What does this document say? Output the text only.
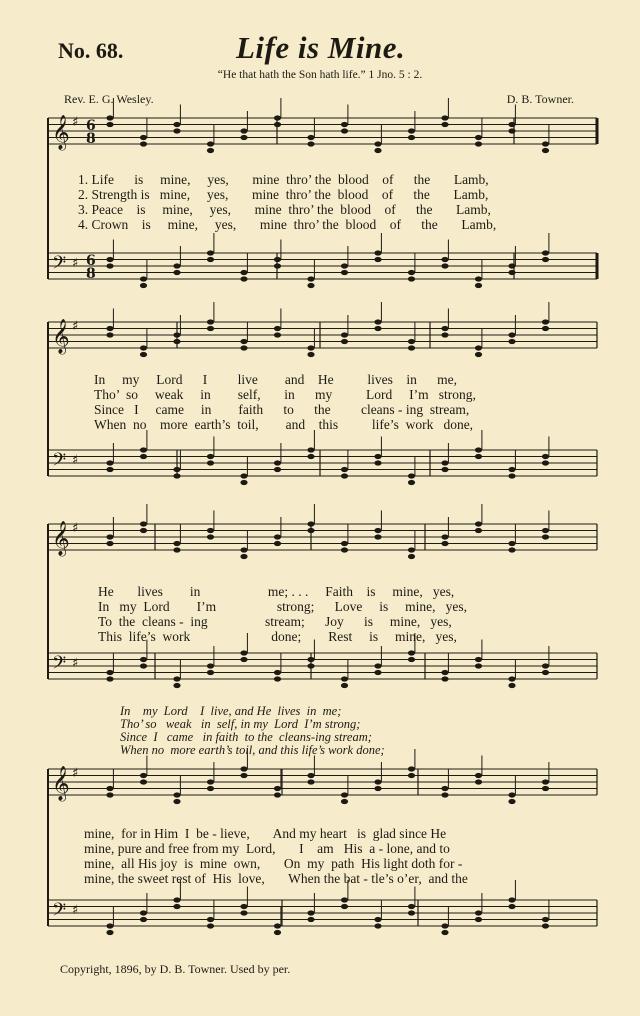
No. 68.	Life is Mine.
“He that hath the Son hath life.” 1 Jno. 5 : 2.
Rev. E. G. Wesley.	D. B. Towner.
𝄞 ♯
𝄢 ♯
𝄞 ♯
𝄢 ♯
𝄞 ♯
𝄢 ♯
𝄞 ♯
𝄢 ♯
6
8
6
8
1. Life      is     mine,     yes,       mine  thro’ the  blood    of      the       Lamb,
2. Strength is   mine,     yes,       mine  thro’ the  blood    of      the       Lamb,
3. Peace    is     mine,     yes,       mine  thro’ the  blood    of      the       Lamb,
4. Crown    is     mine,     yes,       mine  thro’ the  blood    of      the       Lamb,
In     my     Lord      I         live        and    He          lives    in      me,
Tho’  so     weak     in        self,       in      my          Lord     I’m   strong,
Since   I     came     in        faith      to      the         cleans - ing  stream,
When  no    more  earth’s  toil,        and    this          life’s  work   done,
He       lives        in                    me; . . .     Faith    is     mine,   yes,
In   my  Lord        I’m                  strong;      Love     is     mine,   yes,
To  the  cleans -  ing                 stream;      Joy      is     mine,   yes,
This  life’s  work                        done;        Rest     is     mine,   yes,
In    my  Lord    I  live, and He  lives  in  me;
Tho’ so   weak   in  self, in my  Lord  I’m strong;
Since  I   came   in faith  to the  cleans-ing stream;
When no  more earth’s toil, and this life’s work done;
mine,  for in Him  I  be - lieve,       And my heart   is  glad since He
mine, pure and free from my  Lord,       I    am   His  a - lone, and to
mine,  all His joy  is  mine  own,       On  my  path  His light doth for -
mine, the sweet rest of  His  love,       When the bat - tle’s o’er,  and the
Copyright, 1896, by D. B. Towner. Used by per.
